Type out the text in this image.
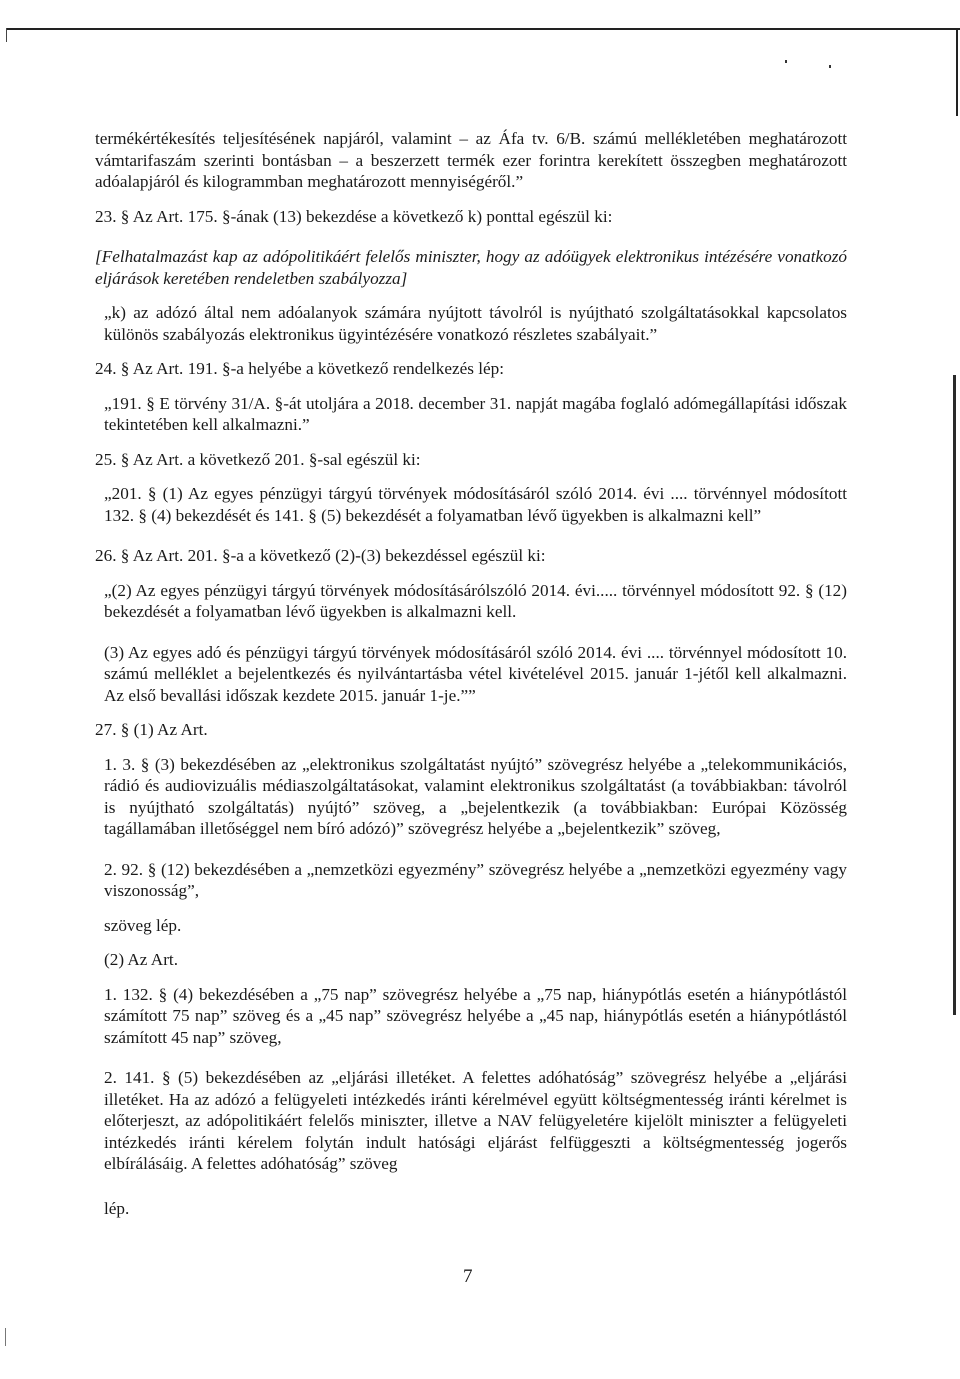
termékértékesítés teljesítésének napjáról, valamint – az Áfa tv. 6/B. számú mellékletében meghatározott vámtarifaszám szerinti bontásban – a beszerzett termék ezer forintra kerekített összegben meghatározott adóalapjáról és kilogrammban meghatározott mennyiségéről.”

23. § Az Art. 175. §-ának (13) bekezdése a következő k) ponttal egészül ki:

[Felhatalmazást kap az adópolitikáért felelős miniszter, hogy az adóügyek elektronikus intézésére vonatkozó eljárások keretében rendeletben szabályozza]

„k) az adózó által nem adóalanyok számára nyújtott távolról is nyújtható szolgáltatásokkal kapcsolatos különös szabályozás elektronikus ügyintézésére vonatkozó részletes szabályait.”

24. § Az Art. 191. §-a helyébe a következő rendelkezés lép:

„191. § E törvény 31/A. §-át utoljára a 2018. december 31. napját magába foglaló adómegállapítási időszak tekintetében kell alkalmazni.”

25. § Az Art. a következő 201. §-sal egészül ki:

„201. § (1) Az egyes pénzügyi tárgyú törvények módosításáról szóló 2014. évi .... törvénnyel módosított 132. § (4) bekezdését és 141. § (5) bekezdését a folyamatban lévő ügyekben is alkalmazni kell”

26. § Az Art. 201. §-a a következő (2)-(3) bekezdéssel egészül ki:

„(2) Az egyes pénzügyi tárgyú törvények módosításárólszóló 2014. évi..... törvénnyel módosított 92. § (12) bekezdését a folyamatban lévő ügyekben is alkalmazni kell.

(3) Az egyes adó és pénzügyi tárgyú törvények módosításáról szóló 2014. évi .... törvénnyel módosított 10. számú melléklet a bejelentkezés és nyilvántartásba vétel kivételével 2015. január 1-jétől kell alkalmazni. Az első bevallási időszak kezdete 2015. január 1-je.””

27. § (1) Az Art.

1. 3. § (3) bekezdésében az „elektronikus szolgáltatást nyújtó” szövegrész helyébe a „telekommunikációs, rádió és audiovizuális médiaszolgáltatásokat, valamint elektronikus szolgáltatást (a továbbiakban: távolról is nyújtható szolgáltatás) nyújtó” szöveg, a „bejelentkezik (a továbbiakban: Európai Közösség tagállamában illetőséggel nem bíró adózó)” szövegrész helyébe a „bejelentkezik” szöveg,

2. 92. § (12) bekezdésében a „nemzetközi egyezmény” szövegrész helyébe a „nemzetközi egyezmény vagy viszonosság”,

szöveg lép.

(2) Az Art.

1. 132. § (4) bekezdésében a „75 nap” szövegrész helyébe a „75 nap, hiánypótlás esetén a hiánypótlástól számított 75 nap” szöveg és a „45 nap” szövegrész helyébe a „45 nap, hiánypótlás esetén a hiánypótlástól számított 45 nap” szöveg,

2. 141. § (5) bekezdésében az „eljárási illetéket. A felettes adóhatóság” szövegrész helyébe a „eljárási illetéket. Ha az adózó a felügyeleti intézkedés iránti kérelmével együtt költségmentesség iránti kérelmet is előterjeszt, az adópolitikáért felelős miniszter, illetve a NAV felügyeletére kijelölt miniszter a felügyeleti intézkedés iránti kérelem folytán indult hatósági eljárást felfüggeszti a költségmentesség jogerős elbírálásáig. A felettes adóhatóság” szöveg

lép.

7
